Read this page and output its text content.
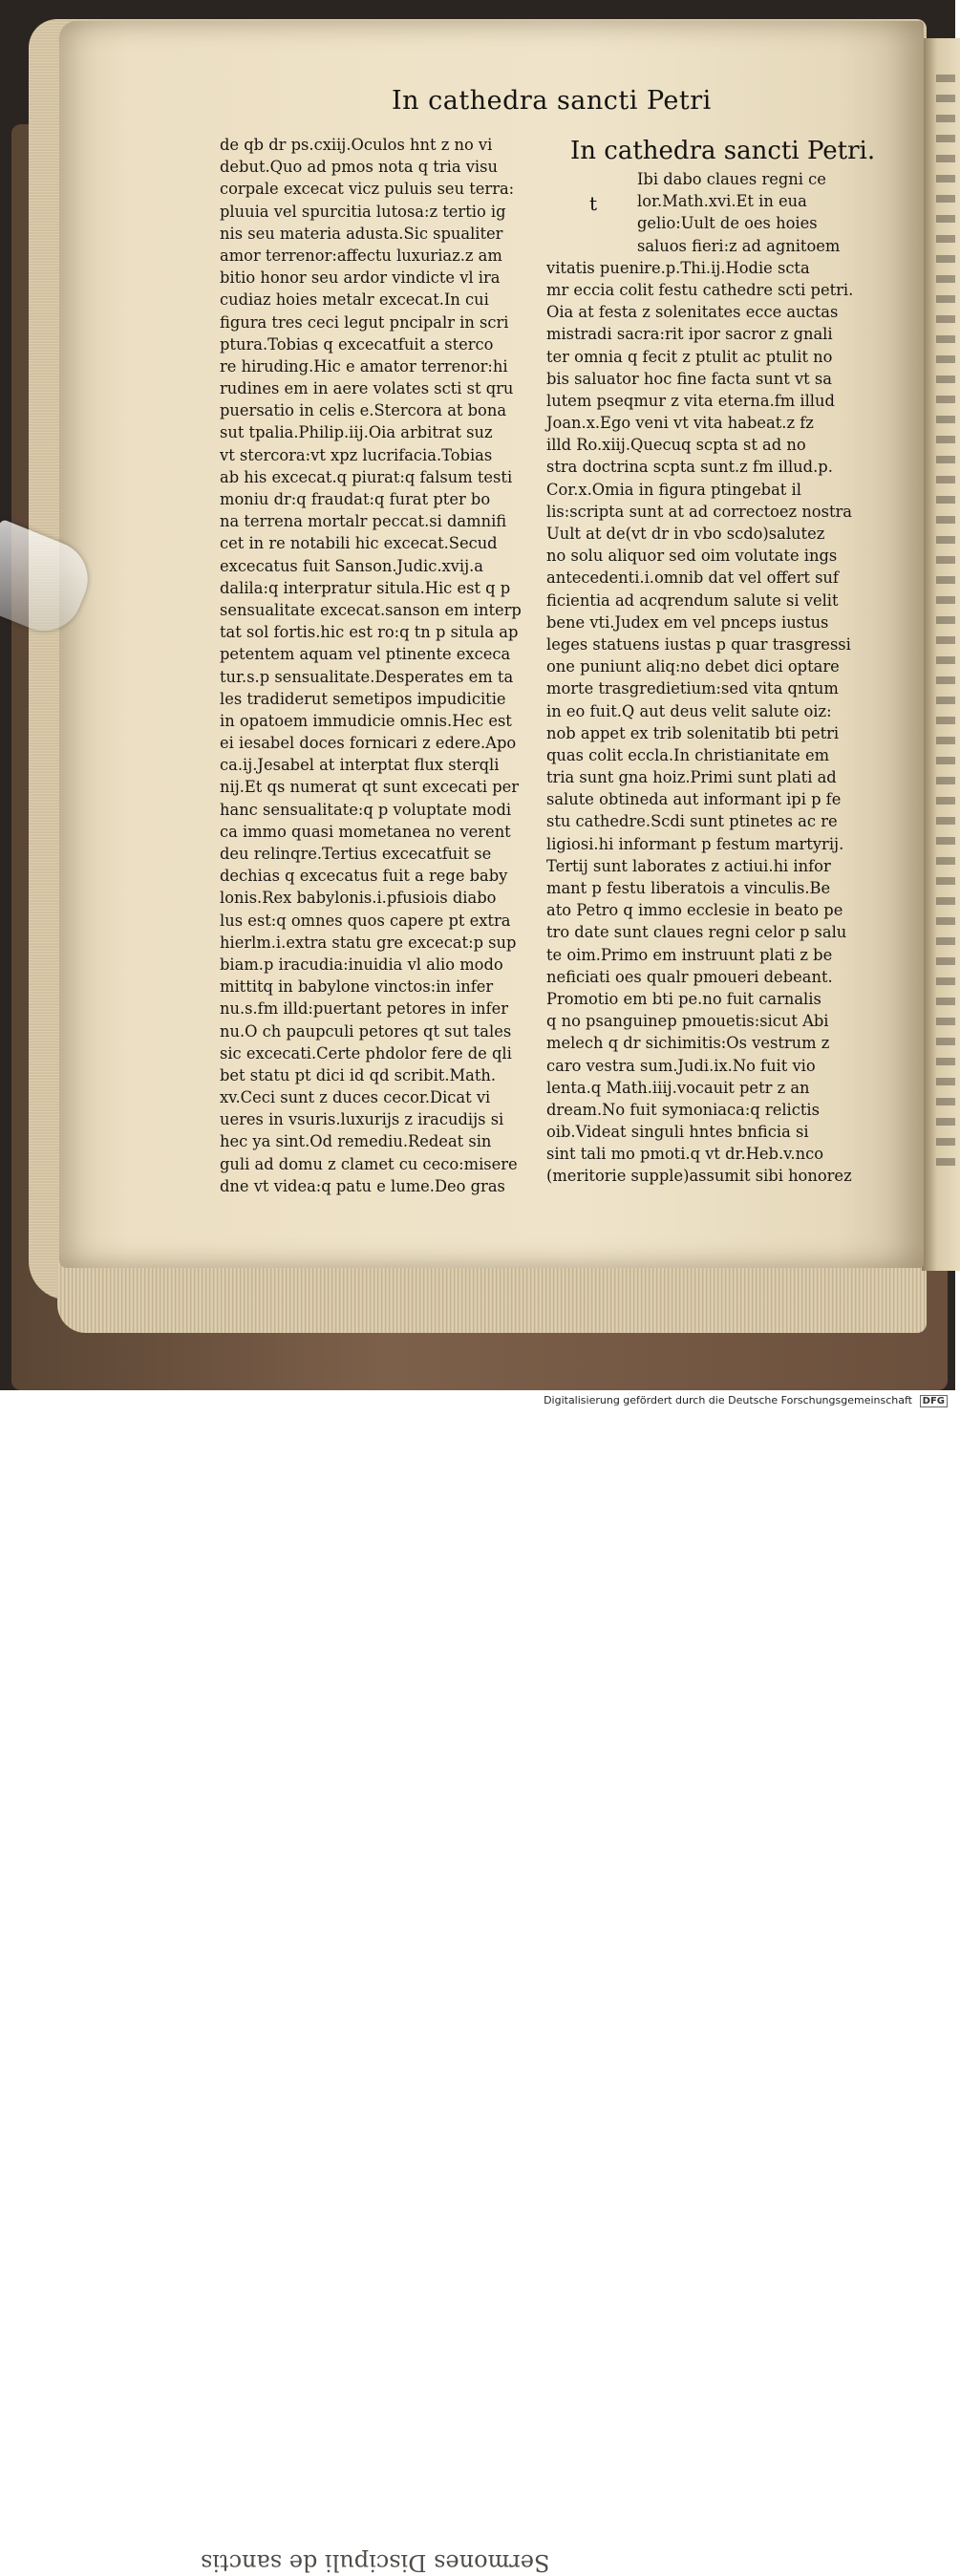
Sermones Discipuli de sanctis
In cathedra sancti Petri
de qb dr ps.cxiij.Oculos hnt z no vi
debut.Quo ad pmos nota q tria visu
corpale excecat vicz puluis seu terra:
pluuia vel spurcitia lutosa:z tertio ig
nis seu materia adusta.Sic spualiter
amor terrenor:affectu luxuriaz.z am
bitio honor seu ardor vindicte vl ira
cudiaz hoies metalr excecat.In cui
figura tres ceci legut pncipalr in scri
ptura.Tobias q excecatfuit a sterco
re hiruding.Hic e amator terrenor:hi
rudines em in aere volates scti st qru
puersatio in celis e.Stercora at bona
sut tpalia.Philip.iij.Oia arbitrat suz
vt stercora:vt xpz lucrifacia.Tobias
ab his excecat.q piurat:q falsum testi
moniu dr:q fraudat:q furat pter bo
na terrena mortalr peccat.si damnifi
cet in re notabili hic excecat.Secud
excecatus fuit Sanson.Judic.xvij.a
dalila:q interpratur situla.Hic est q p
sensualitate excecat.sanson em interp
tat sol fortis.hic est ro:q tn p situla ap
petentem aquam vel ptinente exceca
tur.s.p sensualitate.Desperates em ta
les tradiderut semetipos impudicitie
in opatoem immudicie omnis.Hec est
ei iesabel doces fornicari z edere.Apo
ca.ij.Jesabel at interptat flux sterqli
nij.Et qs numerat qt sunt excecati per
hanc sensualitate:q p voluptate modi
ca immo quasi mometanea no verent
deu relinqre.Tertius excecatfuit se
dechias q excecatus fuit a rege baby
lonis.Rex babylonis.i.pfusiois diabo
lus est:q omnes quos capere pt extra
hierlm.i.extra statu gre excecat:p sup
biam.p iracudia:inuidia vl alio modo
mittitq in babylone vinctos:in infer
nu.s.fm illd:puertant petores in infer
nu.O ch paupculi petores qt sut tales
sic excecati.Certe phdolor fere de qli
bet statu pt dici id qd scribit.Math.
xv.Ceci sunt z duces cecor.Dicat vi
ueres in vsuris.luxurijs z iracudijs si
hec ya sint.Od remediu.Redeat sin
guli ad domu z clamet cu ceco:misere
dne vt videa:q patu e lume.Deo gras
In cathedra sancti Petri.
t
Ibi dabo claues regni ce
lor.Math.xvi.Et in eua
gelio:Uult de oes hoies
saluos fieri:z ad agnitoem
vitatis puenire.p.Thi.ij.Hodie scta
mr eccia colit festu cathedre scti petri.
Oia at festa z solenitates ecce auctas
mistradi sacra:rit ipor sacror z gnali
ter omnia q fecit z ptulit ac ptulit no
bis saluator hoc fine facta sunt vt sa
lutem pseqmur z vita eterna.fm illud
Joan.x.Ego veni vt vita habeat.z fz
illd Ro.xiij.Quecuq scpta st ad no
stra doctrina scpta sunt.z fm illud.p.
Cor.x.Omia in figura ptingebat il
lis:scripta sunt at ad correctoez nostra
Uult at de(vt dr in vbo scdo)salutez
no solu aliquor sed oim volutate ings
antecedenti.i.omnib dat vel offert suf
ficientia ad acqrendum salute si velit
bene vti.Judex em vel pnceps iustus
leges statuens iustas p quar trasgressi
one puniunt aliq:no debet dici optare
morte trasgredietium:sed vita qntum
in eo fuit.Q aut deus velit salute oiz:
nob appet ex trib solenitatib bti petri
quas colit eccla.In christianitate em
tria sunt gna hoiz.Primi sunt plati ad
salute obtineda aut informant ipi p fe
stu cathedre.Scdi sunt ptinetes ac re
ligiosi.hi informant p festum martyrij.
Tertij sunt laborates z actiui.hi infor
mant p festu liberatois a vinculis.Be
ato Petro q immo ecclesie in beato pe
tro date sunt claues regni celor p salu
te oim.Primo em instruunt plati z be
neficiati oes qualr pmoueri debeant.
Promotio em bti pe.no fuit carnalis
q no psanguinep pmouetis:sicut Abi
melech q dr sichimitis:Os vestrum z
caro vestra sum.Judi.ix.No fuit vio
lenta.q Math.iiij.vocauit petr z an
dream.No fuit symoniaca:q relictis
oib.Videat singuli hntes bnficia si
sint tali mo pmoti.q vt dr.Heb.v.nco
(meritorie supple)assumit sibi honorez
Digitalisierung gefördert durch die Deutsche Forschungsgemeinschaft	DFG
